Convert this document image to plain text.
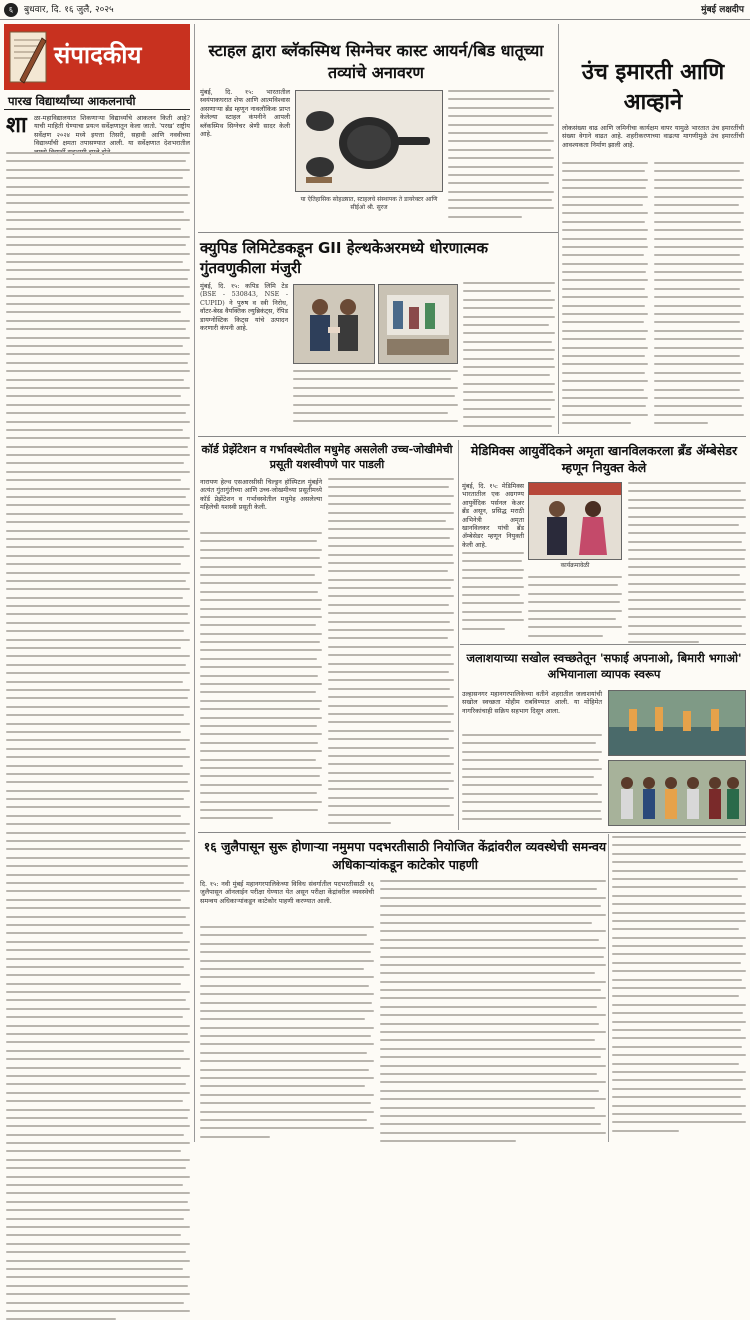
६	बुधवार, दि. १६ जुलै, २०२५	मुंबई लक्षदीप
संपादकीय
पारख विद्यार्थ्यांच्या आकलनाची
शा ळा-महाविद्यालयात शिकणाऱ्या विद्यार्थ्यांचे आकलन किती आहे? याची माहिती घेण्याचा प्रयत्न सर्वेक्षणातून केला जातो. 'परख' राष्ट्रीय सर्वेक्षण २०२४ मध्ये इयत्ता तिसरी, सहावी आणि नववीच्या विद्यार्थ्यांची क्षमता तपासण्यात आली. या सर्वेक्षणात देशभरातील
स्टाहल द्वारा ब्लॅकस्मिथ सिग्नेचर कास्ट आयर्न/बिड धातूच्या तव्यांचे अनावरण
मुंबई, दि. १५: भारतातील स्वयंपाकघरात शेफ आणि आत्मविश्वास असणाऱ्या ब्रँड म्हणून नावलौकिक प्राप्त केलेल्या स्टाहल कंपनीने आपली ब्लॅकस्मिथ सिग्नेचर श्रेणी सादर केली आहे.
या ऐतिहासिक सोहळ्यात, स्टाहलचे संस्थापक ते डायरेक्टर आणि सीईओ श्री. सुरज
उंच इमारती आणि आव्हाने
लोकसंख्या वाढ आणि जमिनीचा कार्यक्षम वापर यामुळे भारतात उंच इमारतींची संख्या वेगाने वाढत आहे. शहरीकरणाच्या वाढत्या मागणीमुळे उंच इमारतींची आवश्यकता निर्माण झाली आहे.
क्युपिड लिमिटेडकडून GII हेल्थकेअरमध्ये धोरणात्मक गुंतवणुकीला मंजुरी
मुंबई, दि. १५: कपिड लिमि टेड (BSE - 530843, NSE - CUPID) ने पुरुष व स्त्री निरोध, वॉटर-बेस्ड वैयक्तिक ल्युब्रिकंट्स, रॅपिड डायग्नोस्टिक किट्स यांचे उत्पादन करणारी कंपनी आहे.
मेडिमिक्स आयुर्वेदिकने अमृता खानविलकरला ब्रँड ॲम्बेसेडर म्हणून नियुक्त केले
मुंबई, दि. १५: मेडिमिक्स भारतातील एक अग्रगण्य आयुर्वेदिक पर्सनल केअर ब्रँड असून, प्रसिद्ध मराठी अभिनेत्री अमृता खानविलकर यांची ब्रँड ॲम्बेसेडर म्हणून नियुक्ती केली आहे.
कार्यक्रमावेळी
कॉर्ड प्रेझेंटेशन व गर्भावस्थेतील मधुमेह असलेली उच्च-जोखीमेची प्रसूती यशस्वीपणे पार पाडली
नारायण हेल्थ एसआरसीसी चिल्ड्रन हॉस्पिटल मुंबईने अत्यंत गुंतागुंतीच्या आणि उच्च-जोखमीच्या प्रसूतीमध्ये कॉर्ड प्रेझेंटेशन व गर्भावस्थेतील मधुमेह असलेल्या महिलेची यशस्वी प्रसूती केली.
जलाशयाच्या सखोल स्वच्छतेतून 'सफाई अपनाओ, बिमारी भगाओ' अभियानाला व्यापक स्वरूप
उल्हासनगर महानगरपालिकेच्या वतीने शहरातील जलाशयांची सखोल स्वच्छता मोहीम राबविण्यात आली. या मोहिमेत नागरिकांचाही सक्रिय सहभाग दिसून आला.
१६ जुलैपासून सुरू होणाऱ्या नमुमपा पदभरतीसाठी नियोजित केंद्रांवरील व्यवस्थेची समन्वय अधिकाऱ्यांकडून काटेकोर पाहणी
दि. १५: नवी मुंबई महानगरपालिकेच्या विविध संवर्गातील पदभरतीसाठी १६ जुलैपासून ऑनलाईन परीक्षा घेण्यात येत असून परीक्षा केंद्रांवरील व्यवस्थेची समन्वय अधिकाऱ्यांकडून काटेकोर पाहणी करण्यात आली.
